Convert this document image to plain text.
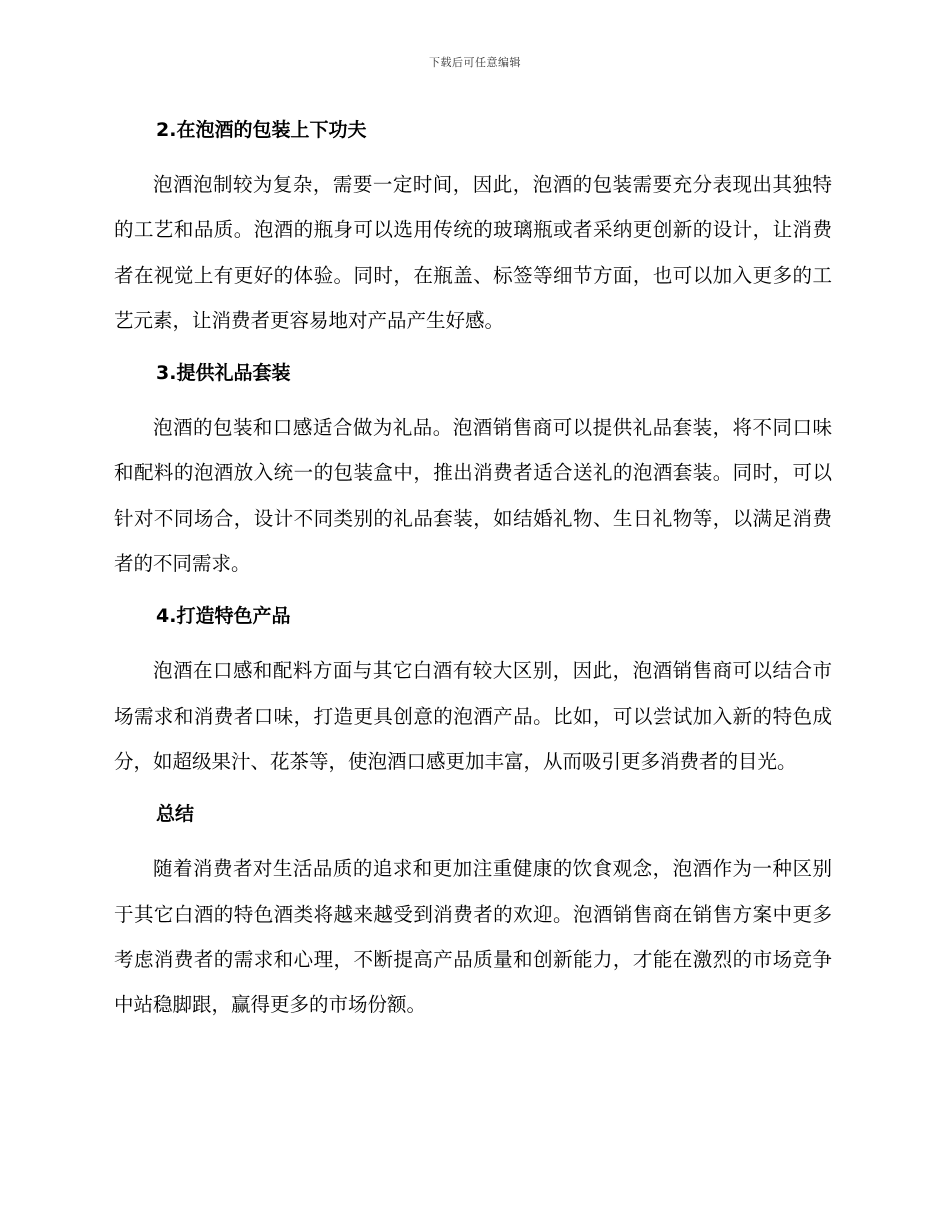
下载后可任意编辑
2.在泡酒的包装上下功夫

泡酒泡制较为复杂，需要一定时间，因此，泡酒的包装需要充分表现出其独特的工艺和品质。泡酒的瓶身可以选用传统的玻璃瓶或者采纳更创新的设计，让消费者在视觉上有更好的体验。同时，在瓶盖、标签等细节方面，也可以加入更多的工艺元素，让消费者更容易地对产品产生好感。

3.提供礼品套装

泡酒的包装和口感适合做为礼品。泡酒销售商可以提供礼品套装，将不同口味和配料的泡酒放入统一的包装盒中，推出消费者适合送礼的泡酒套装。同时，可以针对不同场合，设计不同类别的礼品套装，如结婚礼物、生日礼物等，以满足消费者的不同需求。

4.打造特色产品

泡酒在口感和配料方面与其它白酒有较大区别，因此，泡酒销售商可以结合市场需求和消费者口味，打造更具创意的泡酒产品。比如，可以尝试加入新的特色成分，如超级果汁、花茶等，使泡酒口感更加丰富，从而吸引更多消费者的目光。

总结

随着消费者对生活品质的追求和更加注重健康的饮食观念，泡酒作为一种区别于其它白酒的特色酒类将越来越受到消费者的欢迎。泡酒销售商在销售方案中更多考虑消费者的需求和心理，不断提高产品质量和创新能力，才能在激烈的市场竞争中站稳脚跟，赢得更多的市场份额。
